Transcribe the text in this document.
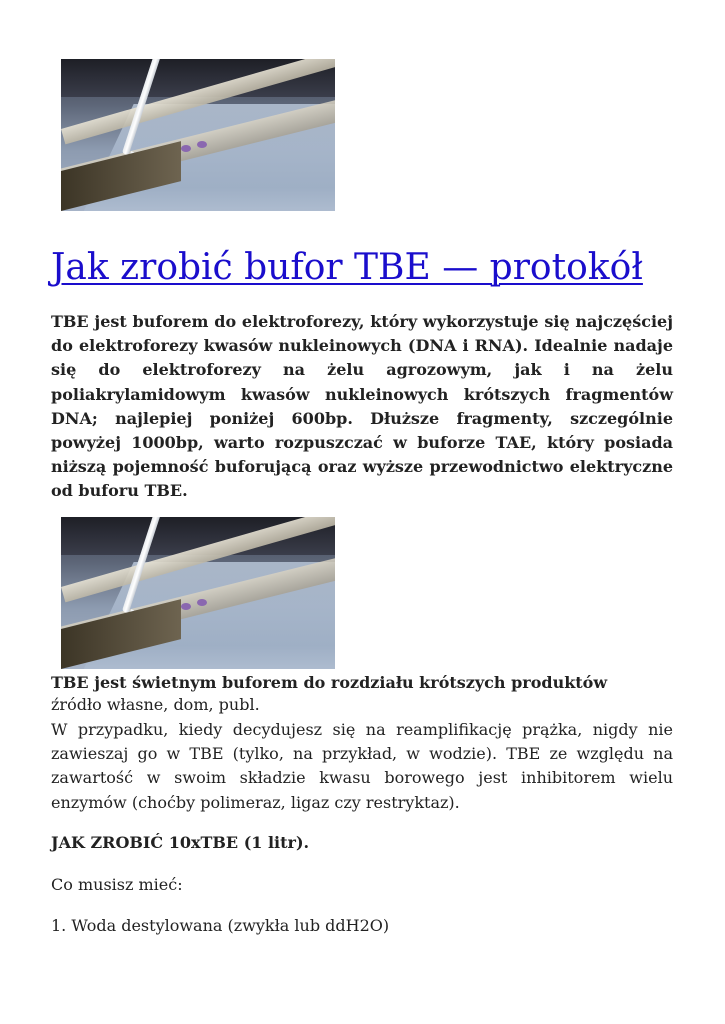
Jak zrobić bufor TBE — protokół

TBE jest buforem do elektroforezy, który wykorzystuje się najczęściej do elektroforezy kwasów nukleinowych (DNA i RNA). Idealnie nadaje się do elektroforezy na żelu agrozowym, jak i na żelu poliakrylamidowym kwasów nukleinowych krótszych fragmentów DNA; najlepiej poniżej 600bp. Dłuższe fragmenty, szczególnie powyżej 1000bp, warto rozpuszczać w buforze TAE, który posiada niższą pojemność buforującą oraz wyższe przewodnictwo elektryczne od buforu TBE.

TBE jest świetnym buforem do rozdziału krótszych produktów

źródło własne, dom, publ.

W przypadku, kiedy decydujesz się na reamplifikację prążka, nigdy nie zawieszaj go w TBE (tylko, na przykład, w wodzie). TBE ze względu na zawartość w swoim składzie kwasu borowego jest inhibitorem wielu enzymów (choćby polimeraz, ligaz czy restryktaz).

JAK ZROBIĆ 10xTBE (1 litr).

Co musisz mieć:

1. Woda destylowana (zwykła lub ddH2O)
